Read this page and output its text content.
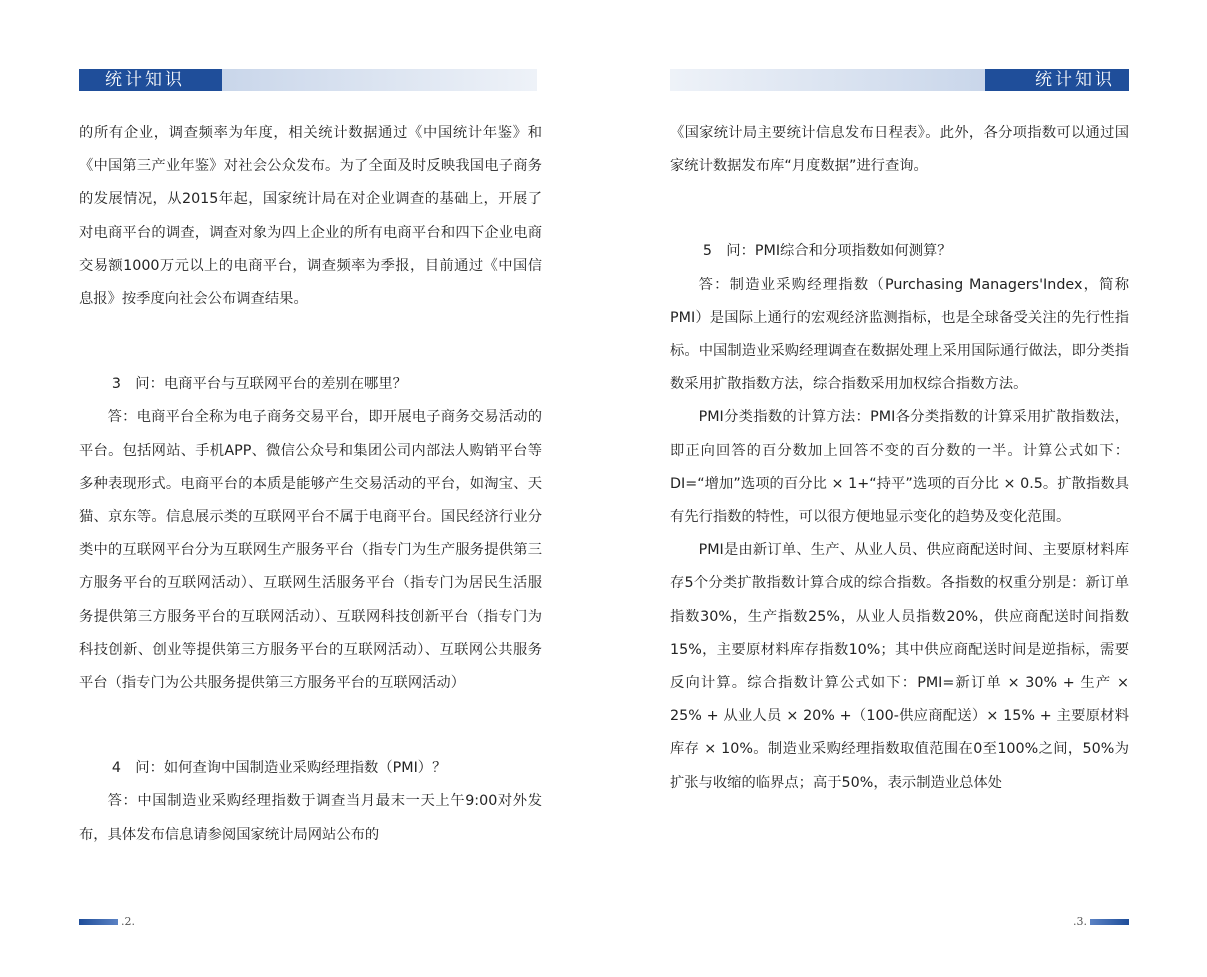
统计知识

的所有企业，调查频率为年度，相关统计数据通过《中国统计年鉴》和《中国第三产业年鉴》对社会公众发布。为了全面及时反映我国电子商务的发展情况，从2015年起，国家统计局在对企业调查的基础上，开展了对电商平台的调查，调查对象为四上企业的所有电商平台和四下企业电商交易额1000万元以上的电商平台，调查频率为季报，目前通过《中国信息报》按季度向社会公布调查结果。

3　问：电商平台与互联网平台的差别在哪里？

答：电商平台全称为电子商务交易平台，即开展电子商务交易活动的平台。包括网站、手机APP、微信公众号和集团公司内部法人购销平台等多种表现形式。电商平台的本质是能够产生交易活动的平台，如淘宝、天猫、京东等。信息展示类的互联网平台不属于电商平台。国民经济行业分类中的互联网平台分为互联网生产服务平台（指专门为生产服务提供第三方服务平台的互联网活动）、互联网生活服务平台（指专门为居民生活服务提供第三方服务平台的互联网活动）、互联网科技创新平台（指专门为科技创新、创业等提供第三方服务平台的互联网活动）、互联网公共服务平台（指专门为公共服务提供第三方服务平台的互联网活动）

4　问：如何查询中国制造业采购经理指数（PMI）？

答：中国制造业采购经理指数于调查当月最末一天上午9:00对外发布，具体发布信息请参阅国家统计局网站公布的

.2.
统计知识

《国家统计局主要统计信息发布日程表》。此外，各分项指数可以通过国家统计数据发布库“月度数据”进行查询。

5　问：PMI综合和分项指数如何测算？

答：制造业采购经理指数（Purchasing Managers'Index，简称PMI）是国际上通行的宏观经济监测指标，也是全球备受关注的先行性指标。中国制造业采购经理调查在数据处理上采用国际通行做法，即分类指数采用扩散指数方法，综合指数采用加权综合指数方法。

PMI分类指数的计算方法：PMI各分类指数的计算采用扩散指数法，即正向回答的百分数加上回答不变的百分数的一半。计算公式如下：DI=“增加”选项的百分比 × 1+“持平”选项的百分比 × 0.5。扩散指数具有先行指数的特性，可以很方便地显示变化的趋势及变化范围。

PMI是由新订单、生产、从业人员、供应商配送时间、主要原材料库存5个分类扩散指数计算合成的综合指数。各指数的权重分别是：新订单指数30%，生产指数25%，从业人员指数20%，供应商配送时间指数15%，主要原材料库存指数10%；其中供应商配送时间是逆指标，需要反向计算。综合指数计算公式如下：PMI=新订单 × 30% + 生产 × 25% + 从业人员 × 20% +（100-供应商配送）× 15% + 主要原材料库存 × 10%。制造业采购经理指数取值范围在0至100%之间，50%为扩张与收缩的临界点；高于50%，表示制造业总体处

.3.
